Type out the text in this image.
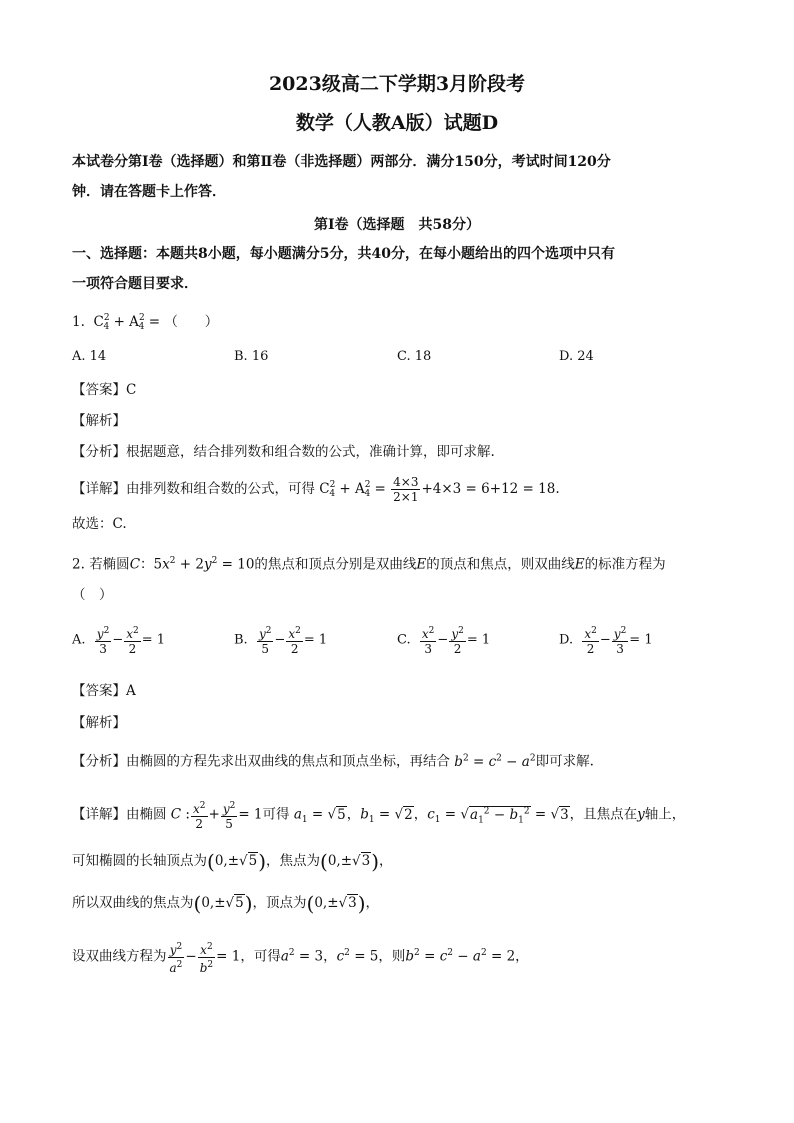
2023级高二下学期3月阶段考
数学（人教A版）试题D
本试卷分第Ⅰ卷（选择题）和第Ⅱ卷（非选择题）两部分．满分150分，考试时间120分
钟．请在答题卡上作答．
第Ⅰ卷（选择题　共58分）
一、选择题：本题共8小题，每小题满分5分，共40分，在每小题给出的四个选项中只有
一项符合题目要求．
1.  $C^2_4 + A^2_4$ = （　　）
A. 14	B. 16	C. 18	D. 24
【答案】C
【解析】
【分析】根据题意，结合排列数和组合数的公式，准确计算，即可求解.
【详解】由排列数和组合数的公式，可得 $C^2_4 + A^2_4 = \frac{4\times 3}{2\times 1} +4\times 3 = 6+12 = 18$.
故选：C.
2. 若椭圆C：$5x^2 + 2y^2 = 10$的焦点和顶点分别是双曲线E的顶点和焦点，则双曲线E的标准方程为
（　）
A. $\frac{y^2}{3} - \frac{x^2}{2} = 1$	B. $\frac{y^2}{5} - \frac{x^2}{2} = 1$	C. $\frac{x^2}{3} - \frac{y^2}{2} = 1$	D. $\frac{x^2}{2} - \frac{y^2}{3} = 1$
【答案】A
【解析】
【分析】由椭圆的方程先求出双曲线的焦点和顶点坐标，再结合 $b^2 = c^2 - a^2$即可求解.
【详解】由椭圆 C : $\frac{x^2}{2} + \frac{y^2}{5} = 1$可得 $a_1 = √5$，$b_1 = √2$，$c_1 = √a_1^2 - b_1^2 = √3$，且焦点在y轴上，
可知椭圆的长轴顶点为(0,±√5)，焦点为(0,±√3)，
所以双曲线的焦点为(0,±√5)，顶点为(0,±√3)，
设双曲线方程为 $\frac{y^2}{a^2} - \frac{x^2}{b^2} = 1$，可得$a^2 = 3$，$c^2 = 5$，则$b^2 = c^2 - a^2 = 2$，
